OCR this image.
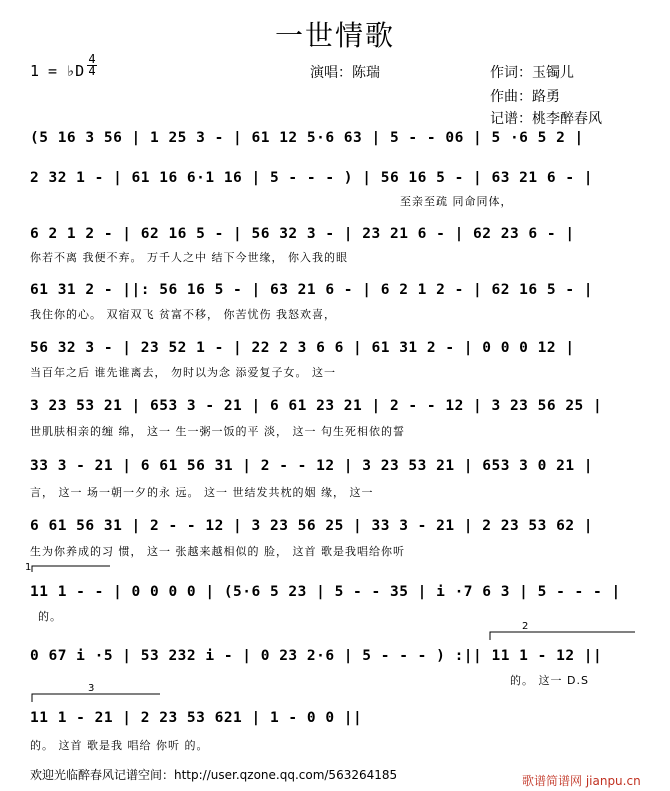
一世情歌
1 = ♭D
4
4	演唱：陈瑞	作词：玉镯儿
作曲：路勇
记谱：桃李醉春风
(5 16 3 56 | 1 25 3 - | 61 12 5·6 63 | 5 - - 06 | 5 ·6 5 2 |
2 32 1 - | 61 16 6·1 16 | 5 - - - ) | 56 16 5 - | 63 21 6 - |
至亲至疏 同命同体，
6 2 1 2 - | 62 16 5 - | 56 32 3 - | 23 21 6 - | 62 23 6 - |
你若不离 我便不弃。 万千人之中 结下今世缘， 你入我的眼
61 31 2 - ||: 56 16 5 - | 63 21 6 - | 6 2 1 2 - | 62 16 5 - |
我住你的心。 双宿双飞 贫富不移， 你苦忧伤 我怒欢喜，
56 32 3 - | 23 52 1 - | 22 2 3 6 6 | 61 31 2 - | 0 0 0 12 |
当百年之后 谁先谁离去， 勿时以为念 添爱复子女。 这一
3 23 53 21 | 653 3 - 21 | 6 61 23 21 | 2 - - 12 | 3 23 56 25 |
世肌肤相亲的缠 绵， 这一 生一粥一饭的平 淡， 这一 句生死相依的誓
33 3 - 21 | 6 61 56 31 | 2 - - 12 | 3 23 53 21 | 653 3 0 21 |
言， 这一 场一朝一夕的永 远。 这一 世结发共枕的姻 缘， 这一
6 61 56 31 | 2 - - 12 | 3 23 56 25 | 33 3 - 21 | 2 23 53 62 |
生为你养成的习 惯， 这一 张越来越相似的 脸， 这首 歌是我唱给你听
11 1 - - | 0 0 0 0 | (5·6 5 23 | 5 - - 35 | i ·7 6 3 | 5 - - - |
的。
0 67 i ·5 | 53 232 i - | 0 23 2·6 | 5 - - - ) :|| 11 1 - 12 ||
的。 这一 D.S
11 1 - 21 | 2 23 53 621 | 1 - 0 0 ||
的。 这首 歌是我 唱给 你听 的。
1
2
3
欢迎光临醉春风记谱空间：http://user.qzone.qq.com/563264185	歌谱简谱网 jianpu.cn
